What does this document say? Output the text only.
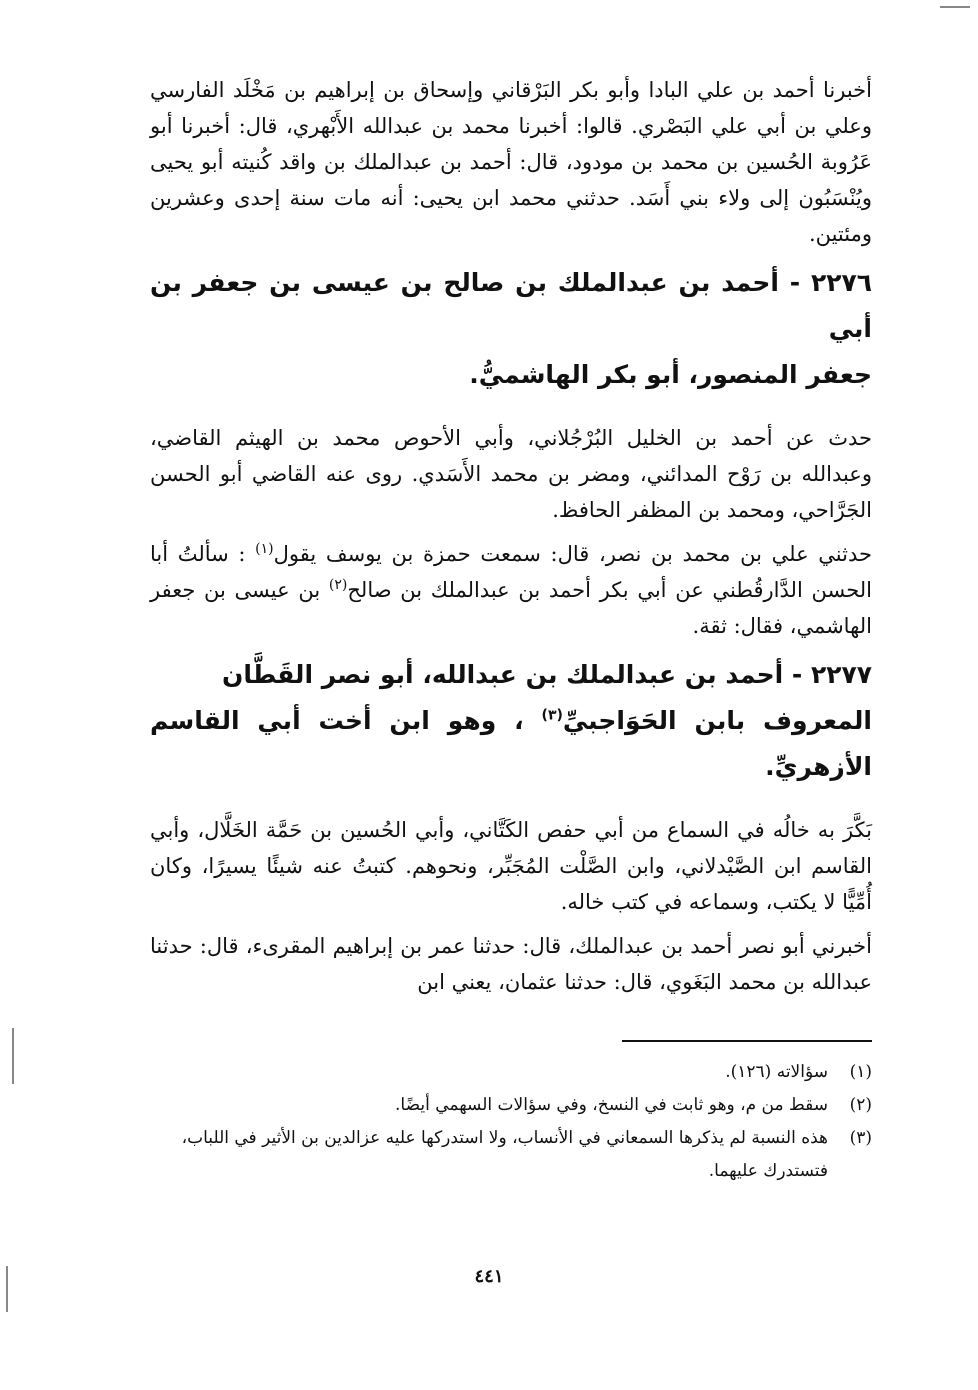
أخبرنا أحمد بن علي البادا وأبو بكر البَرْقاني وإسحاق بن إبراهيم بن مَخْلَد الفارسي وعلي بن أبي علي البَصْري. قالوا: أخبرنا محمد بن عبدالله الأَبْهري، قال: أخبرنا أبو عَرُوبة الحُسين بن محمد بن مودود، قال: أحمد بن عبدالملك بن واقد كُنيته أبو يحيى ويُنْسَبُون إلى ولاء بني أَسَد. حدثني محمد ابن يحيى: أنه مات سنة إحدى وعشرين ومئتين.

٢٢٧٦ - أحمد بن عبدالملك بن صالح بن عيسى بن جعفر بن أبي
جعفر المنصور، أبو بكر الهاشميُّ.

حدث عن أحمد بن الخليل البُرْجُلاني، وأبي الأحوص محمد بن الهيثم القاضي، وعبدالله بن رَوْح المدائني، ومضر بن محمد الأَسَدي. روى عنه القاضي أبو الحسن الجَرَّاحي، ومحمد بن المظفر الحافظ.

حدثني علي بن محمد بن نصر، قال: سمعت حمزة بن يوسف يقول$^{(١)}$ : سألتُ أبا الحسن الدَّارقُطني عن أبي بكر أحمد بن عبدالملك بن صالح$^{(٢)}$ بن عيسى بن جعفر الهاشمي، فقال: ثقة.

٢٢٧٧ - أحمد بن عبدالملك بن عبدالله، أبو نصر القَطَّان
المعروف بابن الحَوَاجبيِّ$^{(٣)}$ ، وهو ابن أخت أبي القاسم الأزهريِّ.

بَكَّرَ به خالُه في السماع من أبي حفص الكَتَّاني، وأبي الحُسين بن حَمَّة الخَلَّال، وأبي القاسم ابن الصَّيْدلاني، وابن الصَّلْت المُجَبِّر، ونحوهم. كتبتُ عنه شيئًا يسيرًا، وكان أُمِّيًّا لا يكتب، وسماعه في كتب خاله.

أخبرني أبو نصر أحمد بن عبدالملك، قال: حدثنا عمر بن إبراهيم المقرىء، قال: حدثنا عبدالله بن محمد البَغَوي، قال: حدثنا عثمان، يعني ابن

(١)
سؤالاته (١٢٦).
(٢)
سقط من م، وهو ثابت في النسخ، وفي سؤالات السهمي أيضًا.
(٣)
هذه النسبة لم يذكرها السمعاني في الأنساب، ولا استدركها عليه عزالدين بن الأثير في اللباب، فتستدرك عليهما.
٤٤١
